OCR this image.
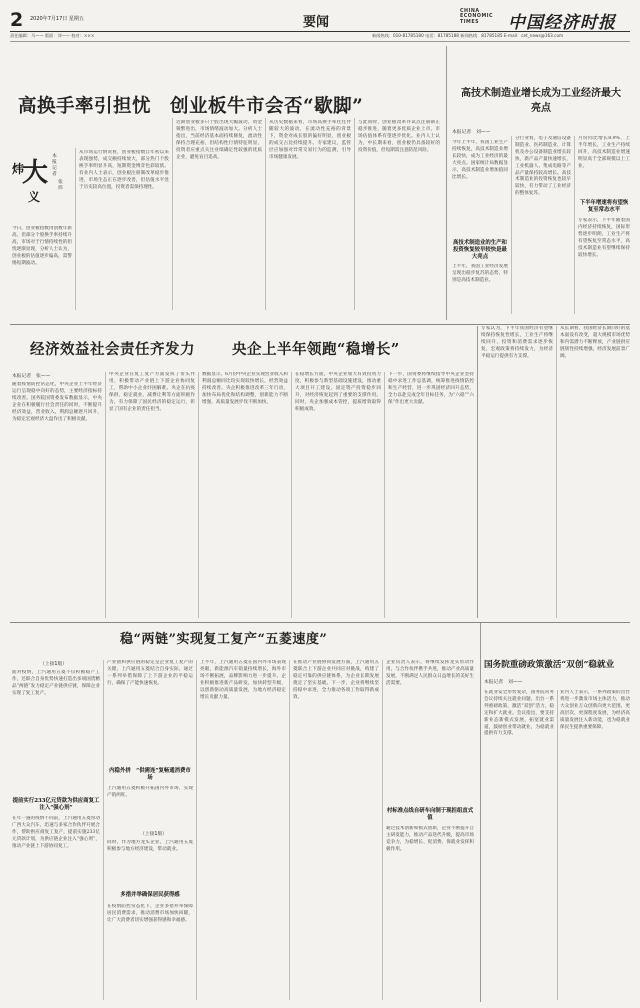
2 2020年7月17日 星期五	要闻
CHINA ECONOMIC TIMES	中国经济时报
责任编辑：马—— 版面：刘—— 校对：×××	新闻热线：010-81785180 电话：81785188 新闻热线：81785185 E-mail：cet_news@163.com
高换手率引担忧　创业板牛市会否“歇脚”
炜
大
义
本报记者
张 炜
今日，创业板指数再创数年新高。但部分个股换手率持续升高，市场对于行情持续性的担忧逐渐显现，分析人士认为，创业板的估值逐步偏高，需警惕短期波动。
从市场运行情况看，创业板指数自年初以来表现强势，成交额持续放大，部分热门个股换手率明显升高，短期资金博弈色彩较浓。有业内人士表示，创业板注册制改革稳步推进，市场生态正在逐步改善，但估值水平处于历史较高位置，投资者需保持理性。
近期创业板多只个股出现大幅波动，资金频繁进出，市场情绪波动加大。分析人士指出，当前经济基本面持续修复，流动性保持合理充裕，但结构性行情特征明显，投资者应重点关注业绩确定性较强的优质企业，避免盲目追高。
从历史数据来看，市场高换手率往往伴随较大的波动，在流动性充裕的背景下，资金对成长股的偏好明显，创业板的成交占比持续提升。专家建议，监管层应加强对异常交易行为的监测，引导市场健康发展。
与此同时，创业板改革并试点注册制正稳步推进，随着更多优质企业上市，市场估值体系有望逐步优化。业内人士认为，中长期来看，创业板仍具备较好的投资价值，但短期需注意防范风险。
高技术制造业增长成为工业经济最大亮点
本报记者　刘——
今年上半年，我国工业生产持续恢复，高技术制造业增长较快，成为工业经济的最大亮点。国家统计局数据显示，高技术制造业增加值同比增长。
高技术制造业的生产和投资恢复较早较快是最大亮点
上半年，我国工业经济发展呈现出稳步复苏的态势，特别是高技术制造业。
分行业看，电子及通信设备制造业、医药制造业、计算机及办公设备制造业增长较快，新产品产量快速增长，工业机器人、集成电路等产品产量保持较高增长。高技术制造业的投资恢复也较早较快，有力带动了工业经济的整体复苏。
月份同比增长8.9%，上半年增长，工业生产持续回升，高技术制造业增速明显高于全部规模以上工业。
下半年增速将有望恢复至常态水平
专家表示，下半年随着国内经济持续恢复，国际形势逐步明朗，工业生产将有望恢复至常态水平，高技术制造业有望继续保持较快增长。
经济效益社会责任齐发力	央企上半年领跑“稳增长”
本报记者　张——
随着疫情防控常态化，中央企业上半年经济运行呈现稳中向好的态势，主要经济指标持续改善。国务院国资委发布数据显示，中央企业在积极履行社会责任的同时，不断提升经济效益，营业收入、利润总额逐月回升，为稳定宏观经济大盘作出了积极贡献。
中央企业在复工复产方面发挥了带头作用，积极带动产业链上下游企业协同复工，帮助中小企业纾困解难。央企在抗疫保供、稳定就业、减费让利等方面积极作为，有力保障了国民经济的稳定运行，彰显了国有企业的责任担当。
数据显示，6月份中央企业实现营业收入和利润总额同比均实现较快增长，经营效益持续改善。央企积极推进改革三年行动，加快布局优化和结构调整，创新能力不断增强，高质量发展步伐不断加快。
在稳增长方面，中央企业加大有效投资力度，积极参与新型基础设施建设，推动重大项目开工建设，固定资产投资稳步回升，对经济恢复起到了重要的支撑作用。同时，央企加强成本管控，提质增效取得积极成效。
下一步，国资委将继续指导中央企业坚持稳中求进工作总基调，统筹推进疫情防控和生产经营，进一步巩固经济回升态势，全力以赴完成全年目标任务，为“六稳”“六保”作出更大贡献。
专家认为，下半年我国经济有望继续保持恢复性增长，工业生产将继续回升，投资和消费需求逐步恢复，宏观政策将持续发力，为经济平稳运行提供有力支撑。
从长期看，我国经济长期向好的基本面没有改变，超大规模市场优势和内需潜力不断释放，产业链供应链韧性持续增强，经济发展前景广阔。
稳“两链”实现复工复产“五菱速度”
（上接1版）
面对疫情，上汽通用五菱不仅积极稳产工作，还联合自身优势快速打造出多项国货精品“两链”发力稳定产业链供应链，保障企业实现了复工复产。
提前实行233亿元贷款为供应商复工注入“强心剂”
在年一遇的疫情不同前，上汽通用五菱带动广西大众汽车，迅速与多家合作伙伴开展合作，帮助供应商复工复产，提前实施233亿元贷款计划，为供应链企业注入“强心剂”，推动产业链上下游协同复工。
产业链和供应链的稳定是企业复工复产的关键，上汽通用五菱结合自身实际，通过一系列举措保障了上下游企业的平稳运行，确保了产能快速恢复。
内稳外拼　“供需连”复畅通消费市场
上汽通用五菱积极开拓国内外市场，实现产销两旺。
（上接1版）
同时，作为地方龙头企业，上汽通用五菱积极参与地方经济建设，带动就业。
多措并举确保居民获得感
在疫情防控常态化下，企业多措并举保障居民消费需求，推动消费市场加快回暖，让广大消费者切实增强获得感和幸福感。
上半年，上汽通用五菱在国内外市场表现亮眼，新能源汽车销量持续增长，海外市场不断拓展，品牌影响力进一步提升。企业积极推进新产品研发，加快转型升级，以创新驱动高质量发展，为地方经济稳定增长贡献力量。
在推动产业链协同发展方面，上汽通用五菱联合上下游企业共同应对挑战，构建了稳定可靠的供应链体系，为企业长期发展奠定了坚实基础。下一步，企业将继续坚持稳中求进，全力推动各项工作取得新成效。
企业负责人表示，将继续发挥龙头带动作用，与合作伙伴携手共进，推动产业高质量发展，不断满足人民群众日益增长的美好生活需要。
村标准点线自研车向制于现担组直式值
通过技术创新和模式创新，企业不断提升自主研发能力，推动产品迭代升级，提高市场竞争力，为稳增长、促消费、保就业发挥积极作用。
国务院重磅政策激活“双创”稳就业
本报记者　刘——
在就业安全形势复杂，国务院常务会议持续关注就业问题，出台一系列重磅政策，激活“双创”活力，稳定和扩大就业。会议指出，要支持新业态新模式发展，拓宽就业渠道，鼓励创业带动就业，为稳就业提供有力支撑。
业内人士表示，一系列政策的出台将进一步激发市场主体活力，推动大众创业万众创新向更大范围、更高层次、更深程度发展，为经济高质量发展注入新动能，也为稳就业保民生提供重要保障。
